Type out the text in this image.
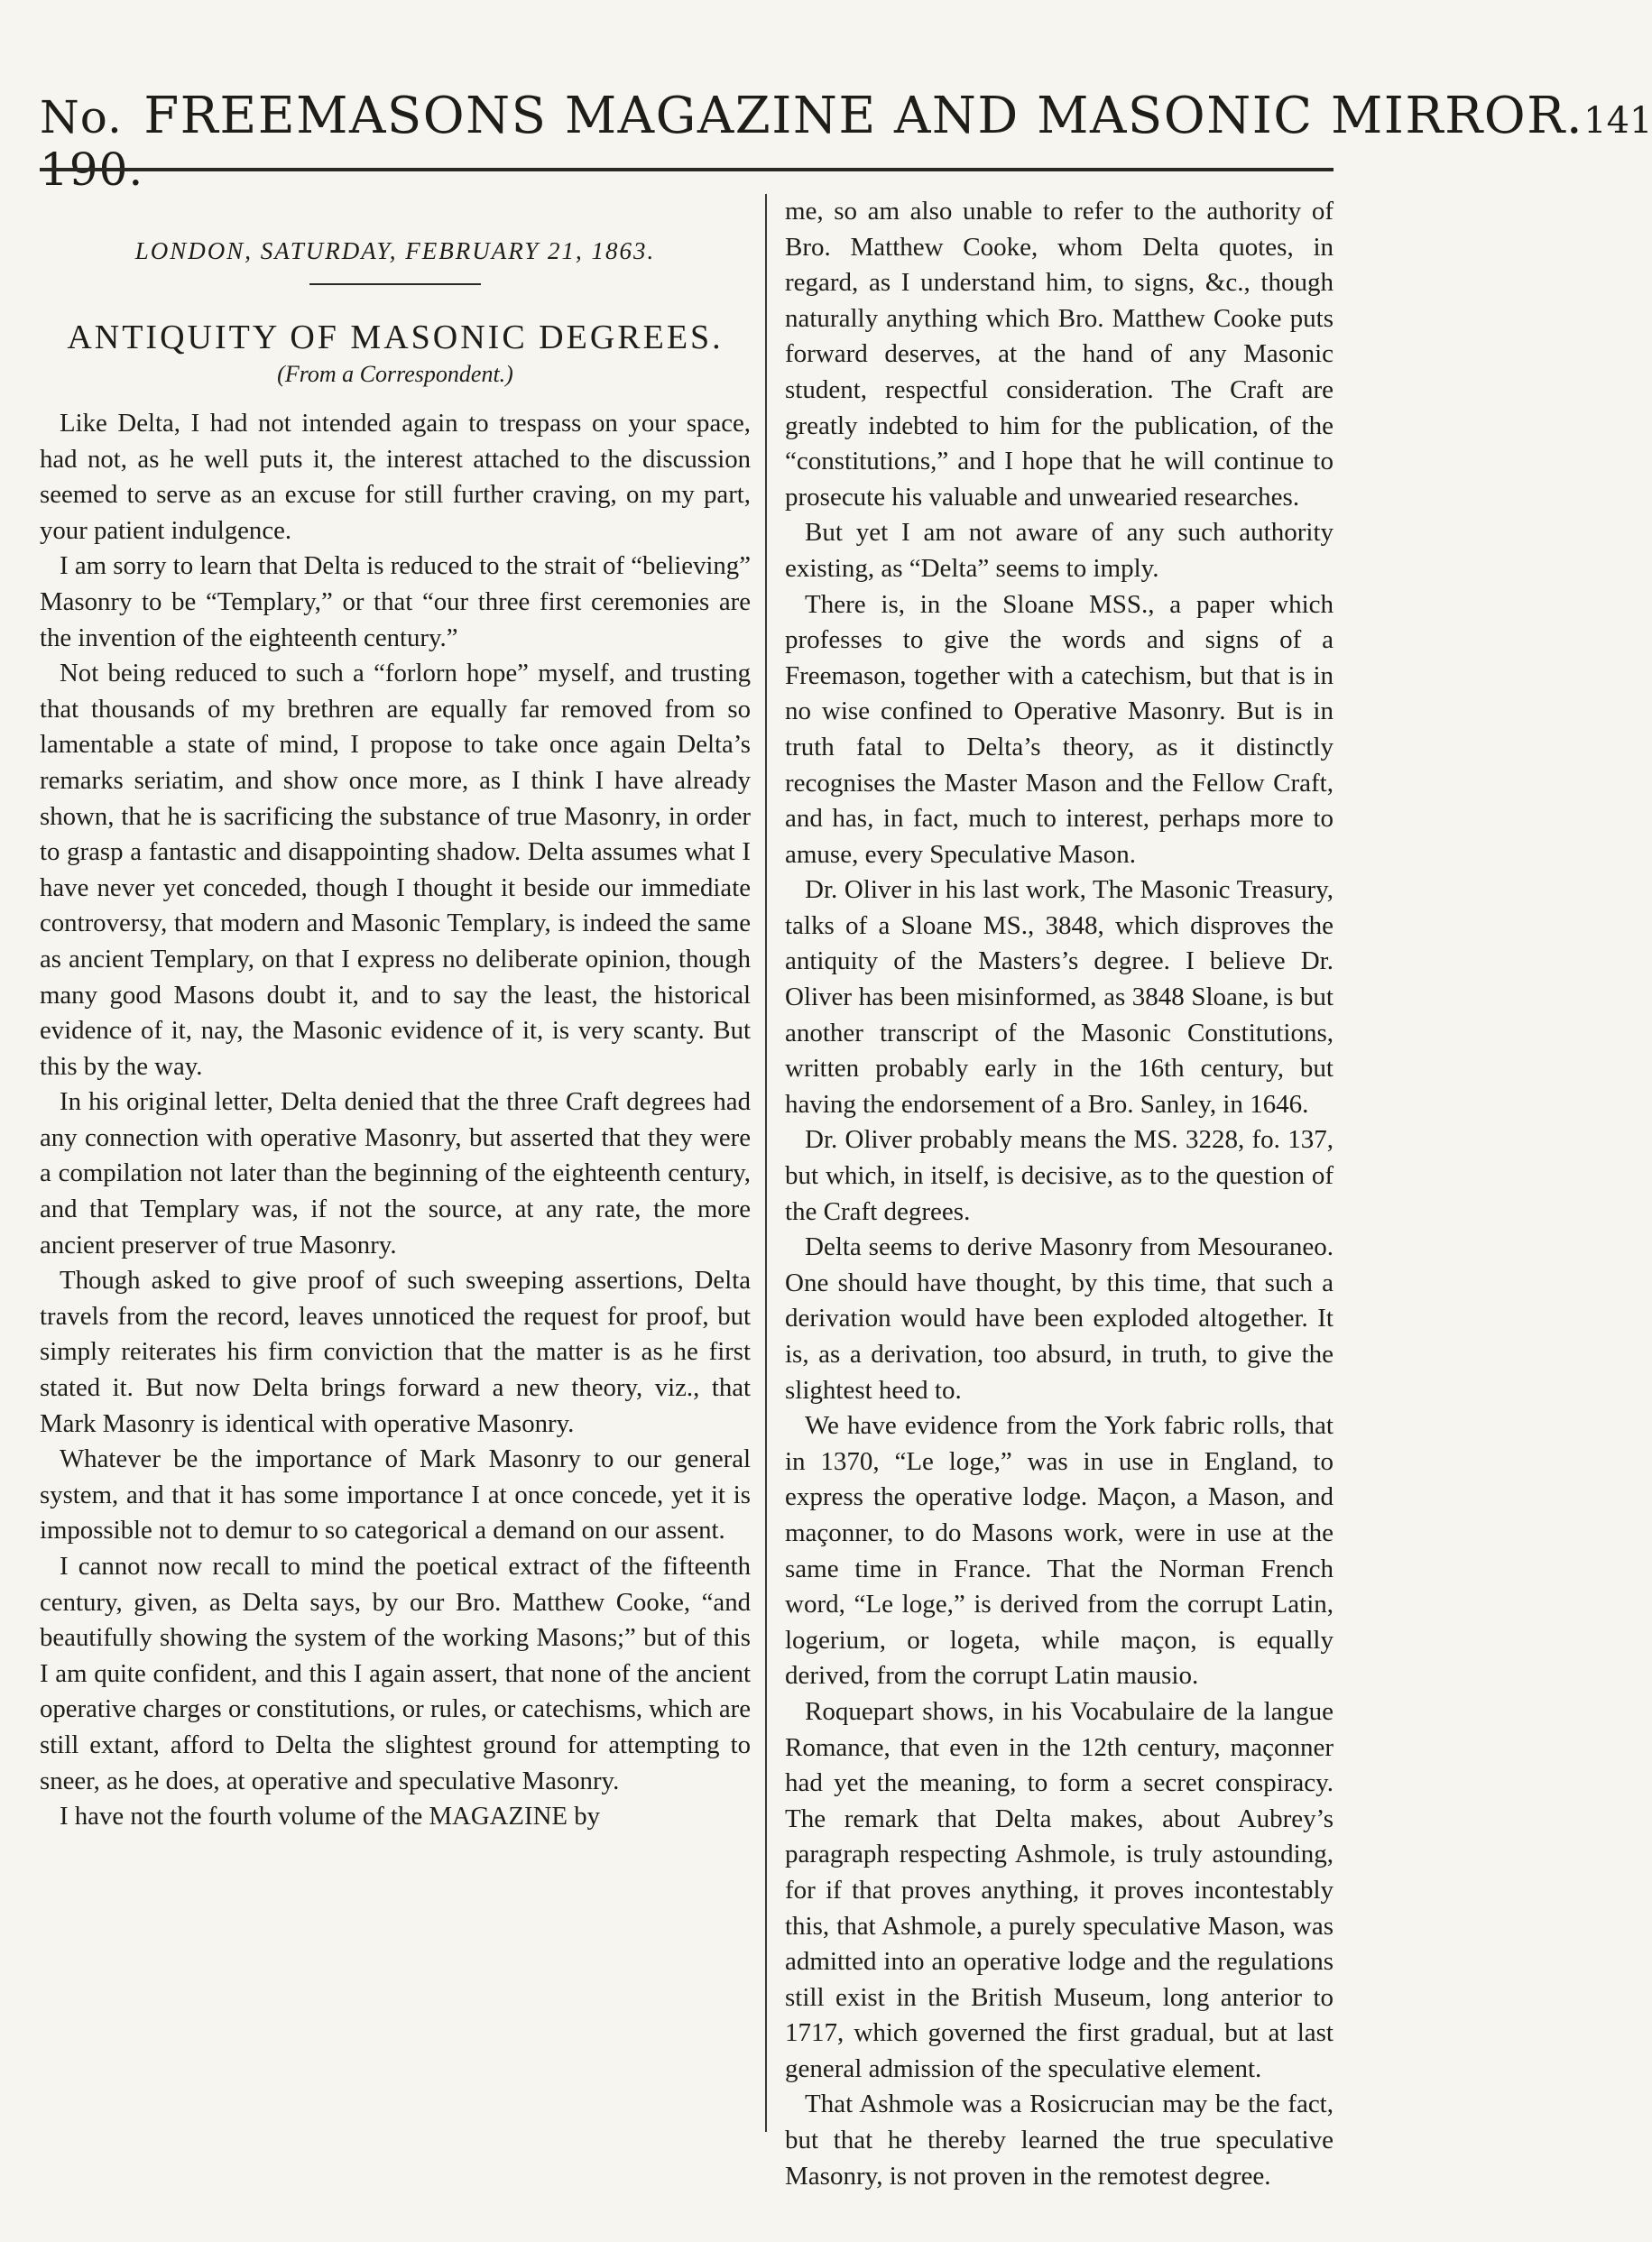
No. 190.
FREEMASONS MAGAZINE AND MASONIC MIRROR. 141
LONDON, SATURDAY, FEBRUARY 21, 1863.
ANTIQUITY OF MASONIC DEGREES.
(From a Correspondent.)

Like Delta, I had not intended again to trespass on your space, had not, as he well puts it, the interest attached to the discussion seemed to serve as an excuse for still further craving, on my part, your patient indulgence.

I am sorry to learn that Delta is reduced to the strait of “believing” Masonry to be “Templary,” or that “our three first ceremonies are the invention of the eighteenth century.”

Not being reduced to such a “forlorn hope” myself, and trusting that thousands of my brethren are equally far removed from so lamentable a state of mind, I propose to take once again Delta’s remarks seriatim, and show once more, as I think I have already shown, that he is sacrificing the substance of true Masonry, in order to grasp a fantastic and disappointing shadow. Delta assumes what I have never yet conceded, though I thought it beside our immediate controversy, that modern and Masonic Templary, is indeed the same as ancient Templary, on that I express no deliberate opinion, though many good Masons doubt it, and to say the least, the historical evidence of it, nay, the Masonic evidence of it, is very scanty. But this by the way.

In his original letter, Delta denied that the three Craft degrees had any connection with operative Masonry, but asserted that they were a compilation not later than the beginning of the eighteenth century, and that Templary was, if not the source, at any rate, the more ancient preserver of true Masonry.

Though asked to give proof of such sweeping assertions, Delta travels from the record, leaves unnoticed the request for proof, but simply reiterates his firm conviction that the matter is as he first stated it. But now Delta brings forward a new theory, viz., that Mark Masonry is identical with operative Masonry.

Whatever be the importance of Mark Masonry to our general system, and that it has some importance I at once concede, yet it is impossible not to demur to so categorical a demand on our assent.

I cannot now recall to mind the poetical extract of the fifteenth century, given, as Delta says, by our Bro. Matthew Cooke, “and beautifully showing the system of the working Masons;” but of this I am quite confident, and this I again assert, that none of the ancient operative charges or constitutions, or rules, or catechisms, which are still extant, afford to Delta the slightest ground for attempting to sneer, as he does, at operative and speculative Masonry.

I have not the fourth volume of the MAGAZINE by

me, so am also unable to refer to the authority of Bro. Matthew Cooke, whom Delta quotes, in regard, as I understand him, to signs, &c., though naturally anything which Bro. Matthew Cooke puts forward deserves, at the hand of any Masonic student, respectful consideration. The Craft are greatly indebted to him for the publication, of the “constitutions,” and I hope that he will continue to prosecute his valuable and unwearied researches.

But yet I am not aware of any such authority existing, as “Delta” seems to imply.

There is, in the Sloane MSS., a paper which professes to give the words and signs of a Freemason, together with a catechism, but that is in no wise confined to Operative Masonry. But is in truth fatal to Delta’s theory, as it distinctly recognises the Master Mason and the Fellow Craft, and has, in fact, much to interest, perhaps more to amuse, every Speculative Mason.

Dr. Oliver in his last work, The Masonic Treasury, talks of a Sloane MS., 3848, which disproves the antiquity of the Masters’s degree. I believe Dr. Oliver has been misinformed, as 3848 Sloane, is but another transcript of the Masonic Constitutions, written probably early in the 16th century, but having the endorsement of a Bro. Sanley, in 1646.

Dr. Oliver probably means the MS. 3228, fo. 137, but which, in itself, is decisive, as to the question of the Craft degrees.

Delta seems to derive Masonry from Mesouraneo. One should have thought, by this time, that such a derivation would have been exploded altogether. It is, as a derivation, too absurd, in truth, to give the slightest heed to.

We have evidence from the York fabric rolls, that in 1370, “Le loge,” was in use in England, to express the operative lodge. Maçon, a Mason, and maçonner, to do Masons work, were in use at the same time in France. That the Norman French word, “Le loge,” is derived from the corrupt Latin, logerium, or logeta, while maçon, is equally derived, from the corrupt Latin mausio.

Roquepart shows, in his Vocabulaire de la langue Romance, that even in the 12th century, maçonner had yet the meaning, to form a secret conspiracy. The remark that Delta makes, about Aubrey’s paragraph respecting Ashmole, is truly astounding, for if that proves anything, it proves incontestably this, that Ashmole, a purely speculative Mason, was admitted into an operative lodge and the regulations still exist in the British Museum, long anterior to 1717, which governed the first gradual, but at last general admission of the speculative element.

That Ashmole was a Rosicrucian may be the fact, but that he thereby learned the true speculative Masonry, is not proven in the remotest degree.
